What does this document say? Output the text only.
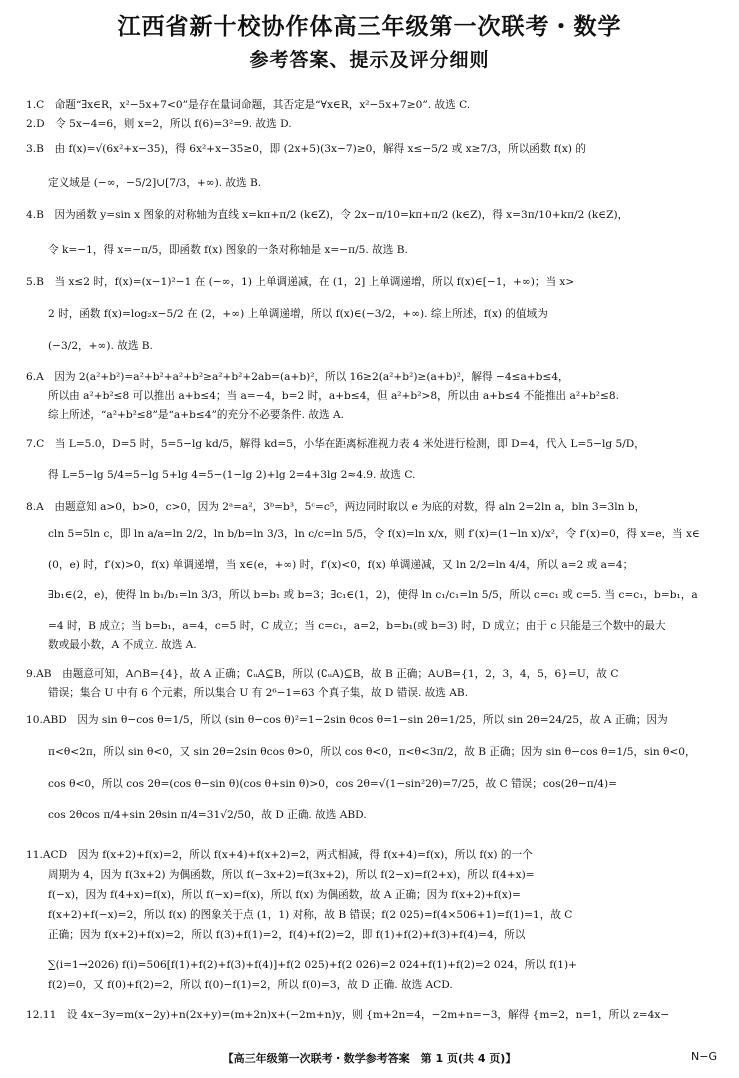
江西省新十校协作体高三年级第一次联考・数学
参考答案、提示及评分细则
1.C　命题“∃x∈R，x²−5x+7<0”是存在量词命题，其否定是“∀x∈R，x²−5x+7≥0”. 故选 C.
2.D　令 5x−4=6，则 x=2，所以 f(6)=3²=9. 故选 D.
3.B　由 f(x)=√(6x²+x−35)，得 6x²+x−35≥0，即 (2x+5)(3x−7)≥0，解得 x≤−5/2 或 x≥7/3，所以函数 f(x) 的
定义域是 (−∞，−5/2]∪[7/3，+∞). 故选 B.
4.B　因为函数 y=sin x 图象的对称轴为直线 x=kπ+π/2 (k∈Z)，令 2x−π/10=kπ+π/2 (k∈Z)，得 x=3π/10+kπ/2 (k∈Z)，
令 k=−1，得 x=−π/5，即函数 f(x) 图象的一条对称轴是 x=−π/5. 故选 B.
5.B　当 x≤2 时，f(x)=(x−1)²−1 在 (−∞，1) 上单调递减，在 (1，2] 上单调递增，所以 f(x)∈[−1，+∞)；当 x>
2 时，函数 f(x)=log₂x−5/2 在 (2，+∞) 上单调递增，所以 f(x)∈(−3/2，+∞). 综上所述，f(x) 的值域为
(−3/2，+∞). 故选 B.
6.A　因为 2(a²+b²)=a²+b²+a²+b²≥a²+b²+2ab=(a+b)²，所以 16≥2(a²+b²)≥(a+b)²，解得 −4≤a+b≤4，
所以由 a²+b²≤8 可以推出 a+b≤4；当 a=−4，b=2 时，a+b≤4，但 a²+b²>8，所以由 a+b≤4 不能推出 a²+b²≤8.
综上所述，“a²+b²≤8”是“a+b≤4”的充分不必要条件. 故选 A.
7.C　当 L=5.0，D=5 时，5=5−lg kd/5，解得 kd=5，小华在距离标准视力表 4 米处进行检测，即 D=4，代入 L=5−lg 5/D，
得 L=5−lg 5/4=5−lg 5+lg 4=5−(1−lg 2)+lg 2=4+3lg 2≈4.9. 故选 C.
8.A　由题意知 a>0，b>0，c>0，因为 2ᵃ=a²，3ᵇ=b³，5ᶜ=c⁵，两边同时取以 e 为底的对数，得 aln 2=2ln a，bln 3=3ln b，
cln 5=5ln c，即 ln a/a=ln 2/2，ln b/b=ln 3/3，ln c/c=ln 5/5，令 f(x)=ln x/x，则 f′(x)=(1−ln x)/x²，令 f′(x)=0，得 x=e，当 x∈
(0，e) 时，f′(x)>0，f(x) 单调递增，当 x∈(e，+∞) 时，f′(x)<0，f(x) 单调递减，又 ln 2/2=ln 4/4，所以 a=2 或 a=4；
∃b₁∈(2，e)，使得 ln b₁/b₁=ln 3/3，所以 b=b₁ 或 b=3；∃c₁∈(1，2)，使得 ln c₁/c₁=ln 5/5，所以 c=c₁ 或 c=5. 当 c=c₁，b=b₁，a
=4 时，B 成立；当 b=b₁，a=4，c=5 时，C 成立；当 c=c₁，a=2，b=b₁(或 b=3) 时，D 成立；由于 c 只能是三个数中的最大
数或最小数，A 不成立. 故选 A.
9.AB　由题意可知，A∩B={4}，故 A 正确；∁ᵤA⊆B，所以 (∁ᵤA)⊆B，故 B 正确；A∪B={1，2，3，4，5，6}=U，故 C
错误；集合 U 中有 6 个元素，所以集合 U 有 2⁶−1=63 个真子集，故 D 错误. 故选 AB.
10.ABD　因为 sin θ−cos θ=1/5，所以 (sin θ−cos θ)²=1−2sin θcos θ=1−sin 2θ=1/25，所以 sin 2θ=24/25，故 A 正确；因为
π<θ<2π，所以 sin θ<0，又 sin 2θ=2sin θcos θ>0，所以 cos θ<0，π<θ<3π/2，故 B 正确；因为 sin θ−cos θ=1/5，sin θ<0，
cos θ<0，所以 cos 2θ=(cos θ−sin θ)(cos θ+sin θ)>0，cos 2θ=√(1−sin²2θ)=7/25，故 C 错误；cos(2θ−π/4)=
cos 2θcos π/4+sin 2θsin π/4=31√2/50，故 D 正确. 故选 ABD.
11.ACD　因为 f(x+2)+f(x)=2，所以 f(x+4)+f(x+2)=2，两式相减，得 f(x+4)=f(x)，所以 f(x) 的一个
周期为 4，因为 f(3x+2) 为偶函数，所以 f(−3x+2)=f(3x+2)，所以 f(2−x)=f(2+x)，所以 f(4+x)=
f(−x)，因为 f(4+x)=f(x)，所以 f(−x)=f(x)，所以 f(x) 为偶函数，故 A 正确；因为 f(x+2)+f(x)=
f(x+2)+f(−x)=2，所以 f(x) 的图象关于点 (1，1) 对称，故 B 错误；f(2 025)=f(4×506+1)=f(1)=1，故 C
正确；因为 f(x+2)+f(x)=2，所以 f(3)+f(1)=2，f(4)+f(2)=2，即 f(1)+f(2)+f(3)+f(4)=4，所以
∑(i=1→2026) f(i)=506[f(1)+f(2)+f(3)+f(4)]+f(2 025)+f(2 026)=2 024+f(1)+f(2)=2 024，所以 f(1)+
f(2)=0，又 f(0)+f(2)=2，所以 f(0)−f(1)=2，所以 f(0)=3，故 D 正确. 故选 ACD.
12.11　设 4x−3y=m(x−2y)+n(2x+y)=(m+2n)x+(−2m+n)y，则 {m+2n=4，−2m+n=−3，解得 {m=2，n=1，所以 z=4x−
【高三年级第一次联考・数学参考答案　第 1 页(共 4 页)】	N−G
